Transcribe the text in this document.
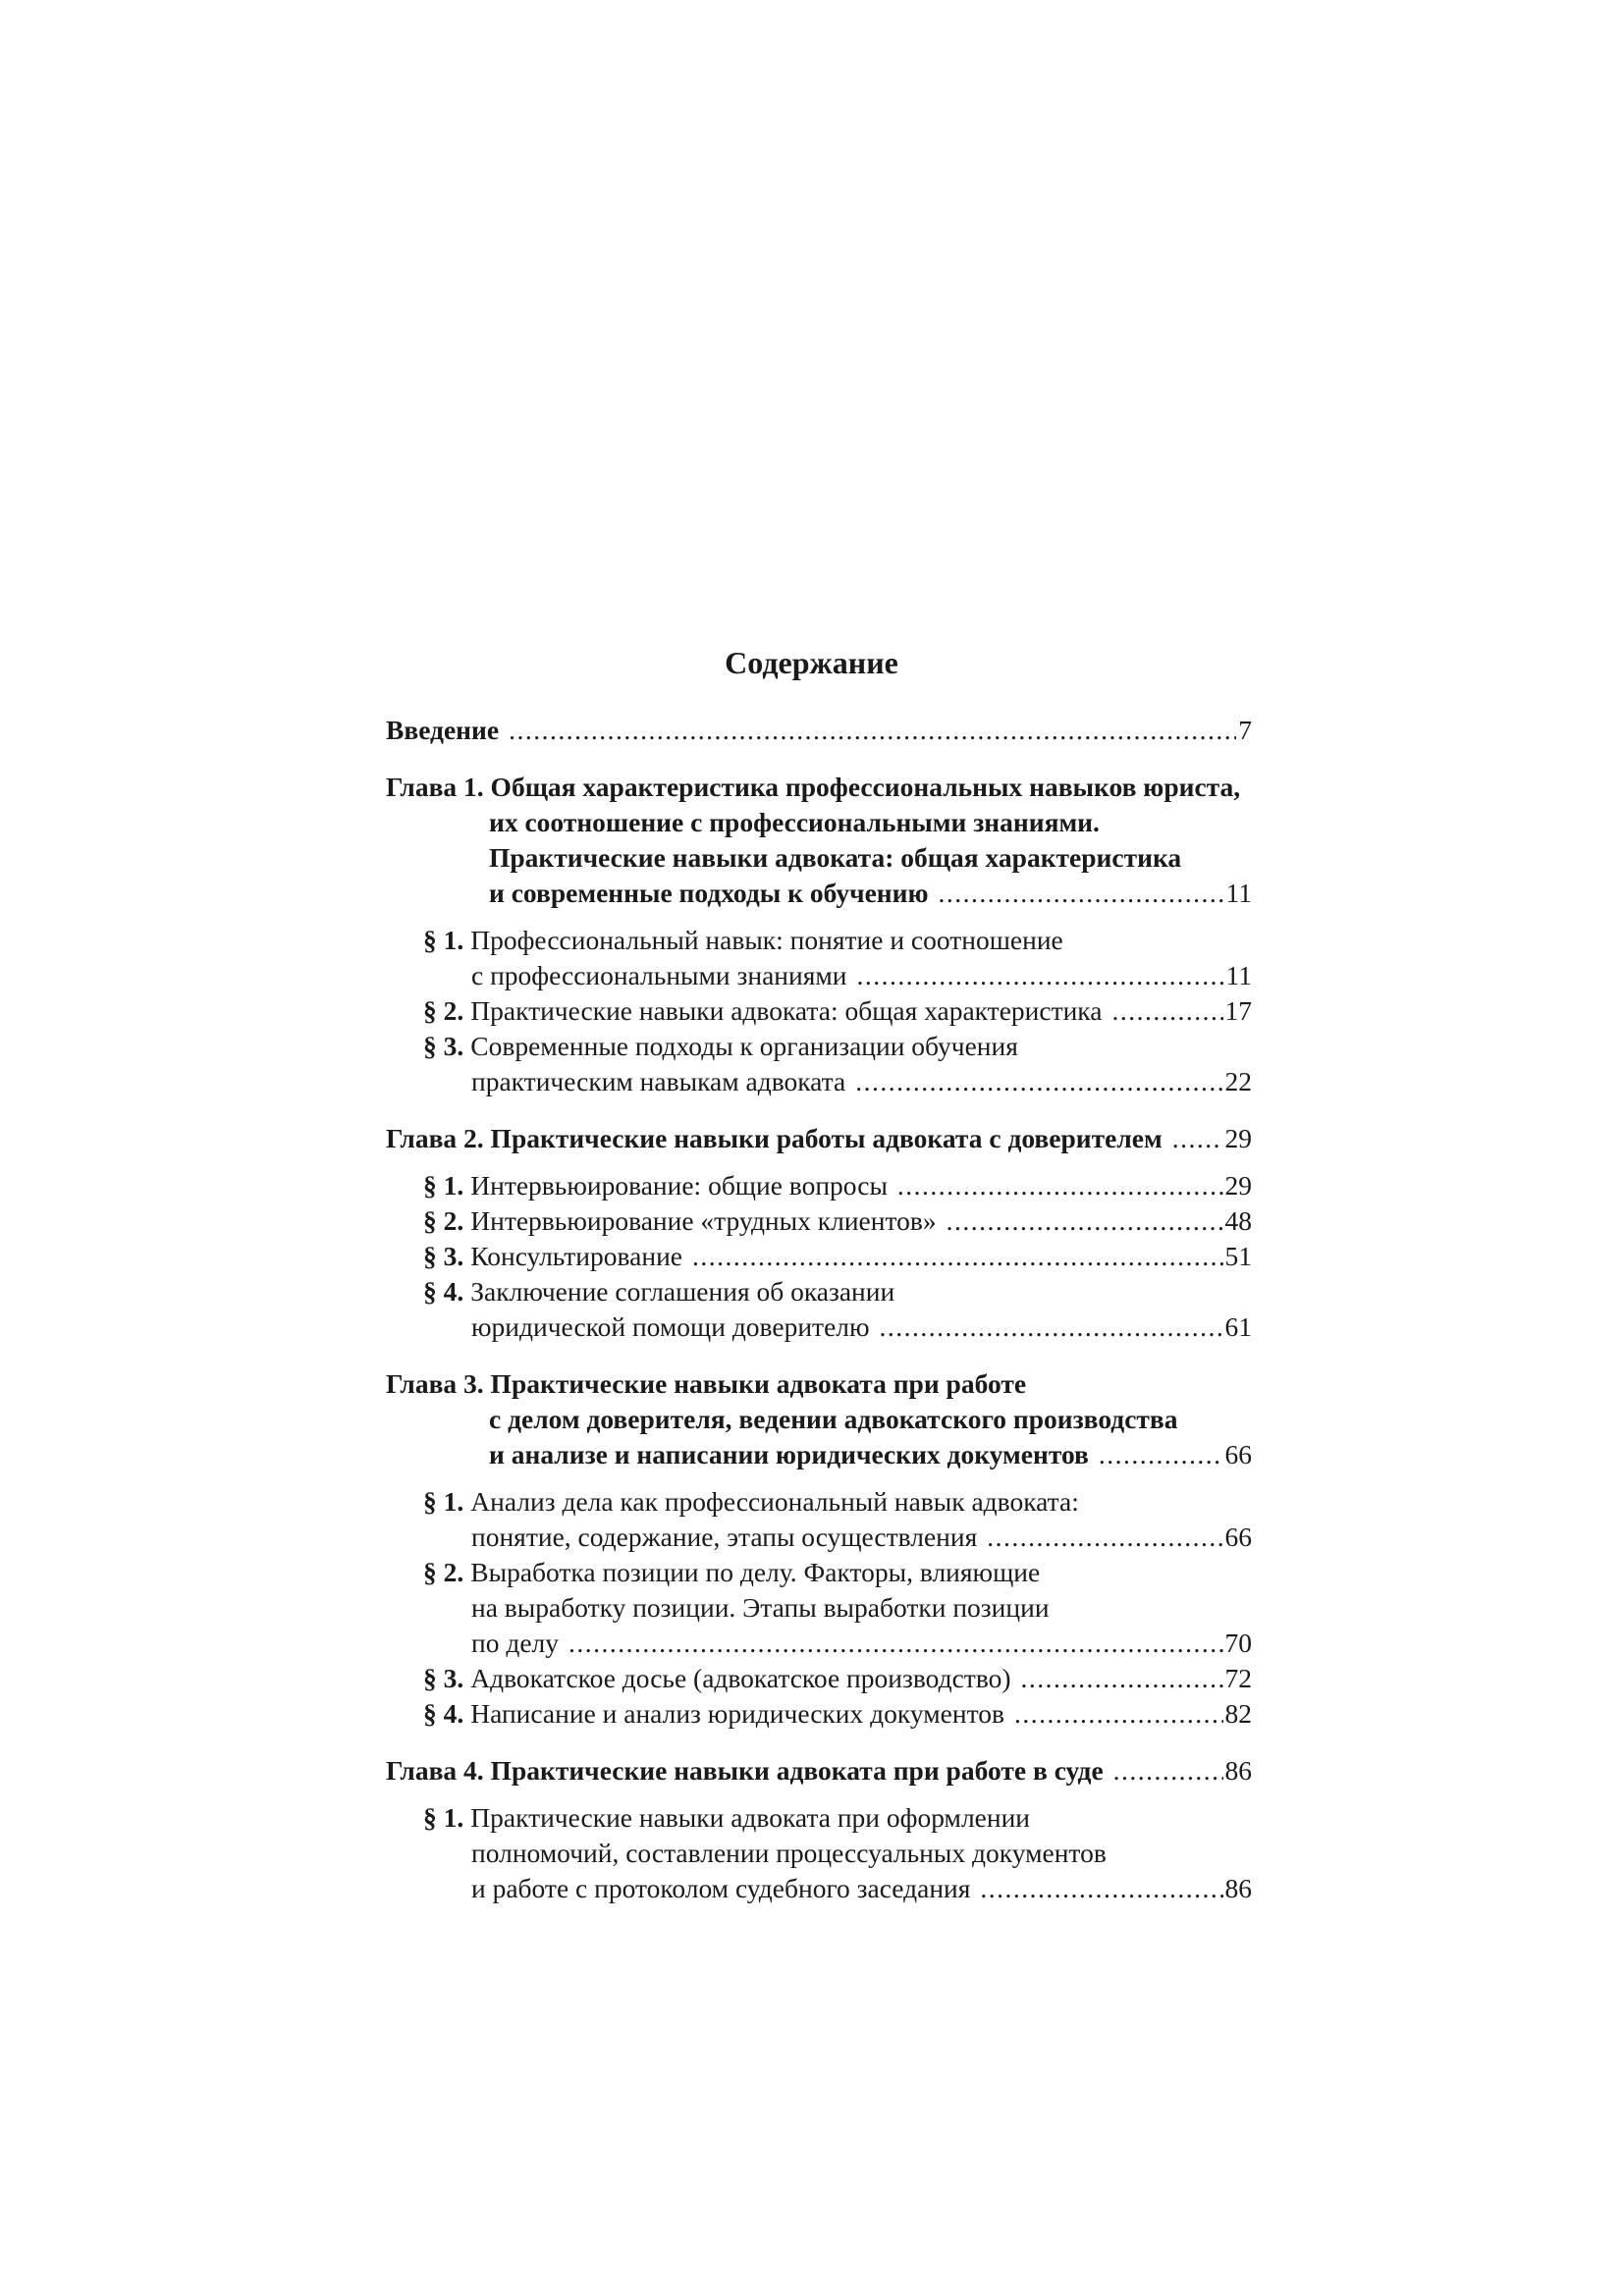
Содержание
Введение .....	7
Глава 1. Общая характеристика профессиональных навыков юриста,
их соотношение с профессиональными знаниями.
Практические навыки адвоката: общая характеристика
и современные подходы к обучению .....	11
§ 1. Профессиональный навык: понятие и соотношение
с профессиональными знаниями .....	11
§ 2. Практические навыки адвоката: общая характеристика .....	17
§ 3. Современные подходы к организации обучения
практическим навыкам адвоката .....	22
Глава 2. Практические навыки работы адвоката с доверителем ..... 29
§ 1. Интервьюирование: общие вопросы .....	29
§ 2. Интервьюирование «трудных клиентов» .....	48
§ 3. Консультирование .....	51
§ 4. Заключение соглашения об оказании
юридической помощи доверителю .....	61
Глава 3. Практические навыки адвоката при работе
с делом доверителя, ведении адвокатского производства
и анализе и написании юридических документов .....	66
§ 1. Анализ дела как профессиональный навык адвоката:
понятие, содержание, этапы осуществления .....	66
§ 2. Выработка позиции по делу. Факторы, влияющие
на выработку позиции. Этапы выработки позиции
по делу .....	70
§ 3. Адвокатское досье (адвокатское производство) .....	72
§ 4. Написание и анализ юридических документов .....	82
Глава 4. Практические навыки адвоката при работе в суде .....	86
§ 1. Практические навыки адвоката при оформлении
полномочий, составлении процессуальных документов
и работе с протоколом судебного заседания .....	86
